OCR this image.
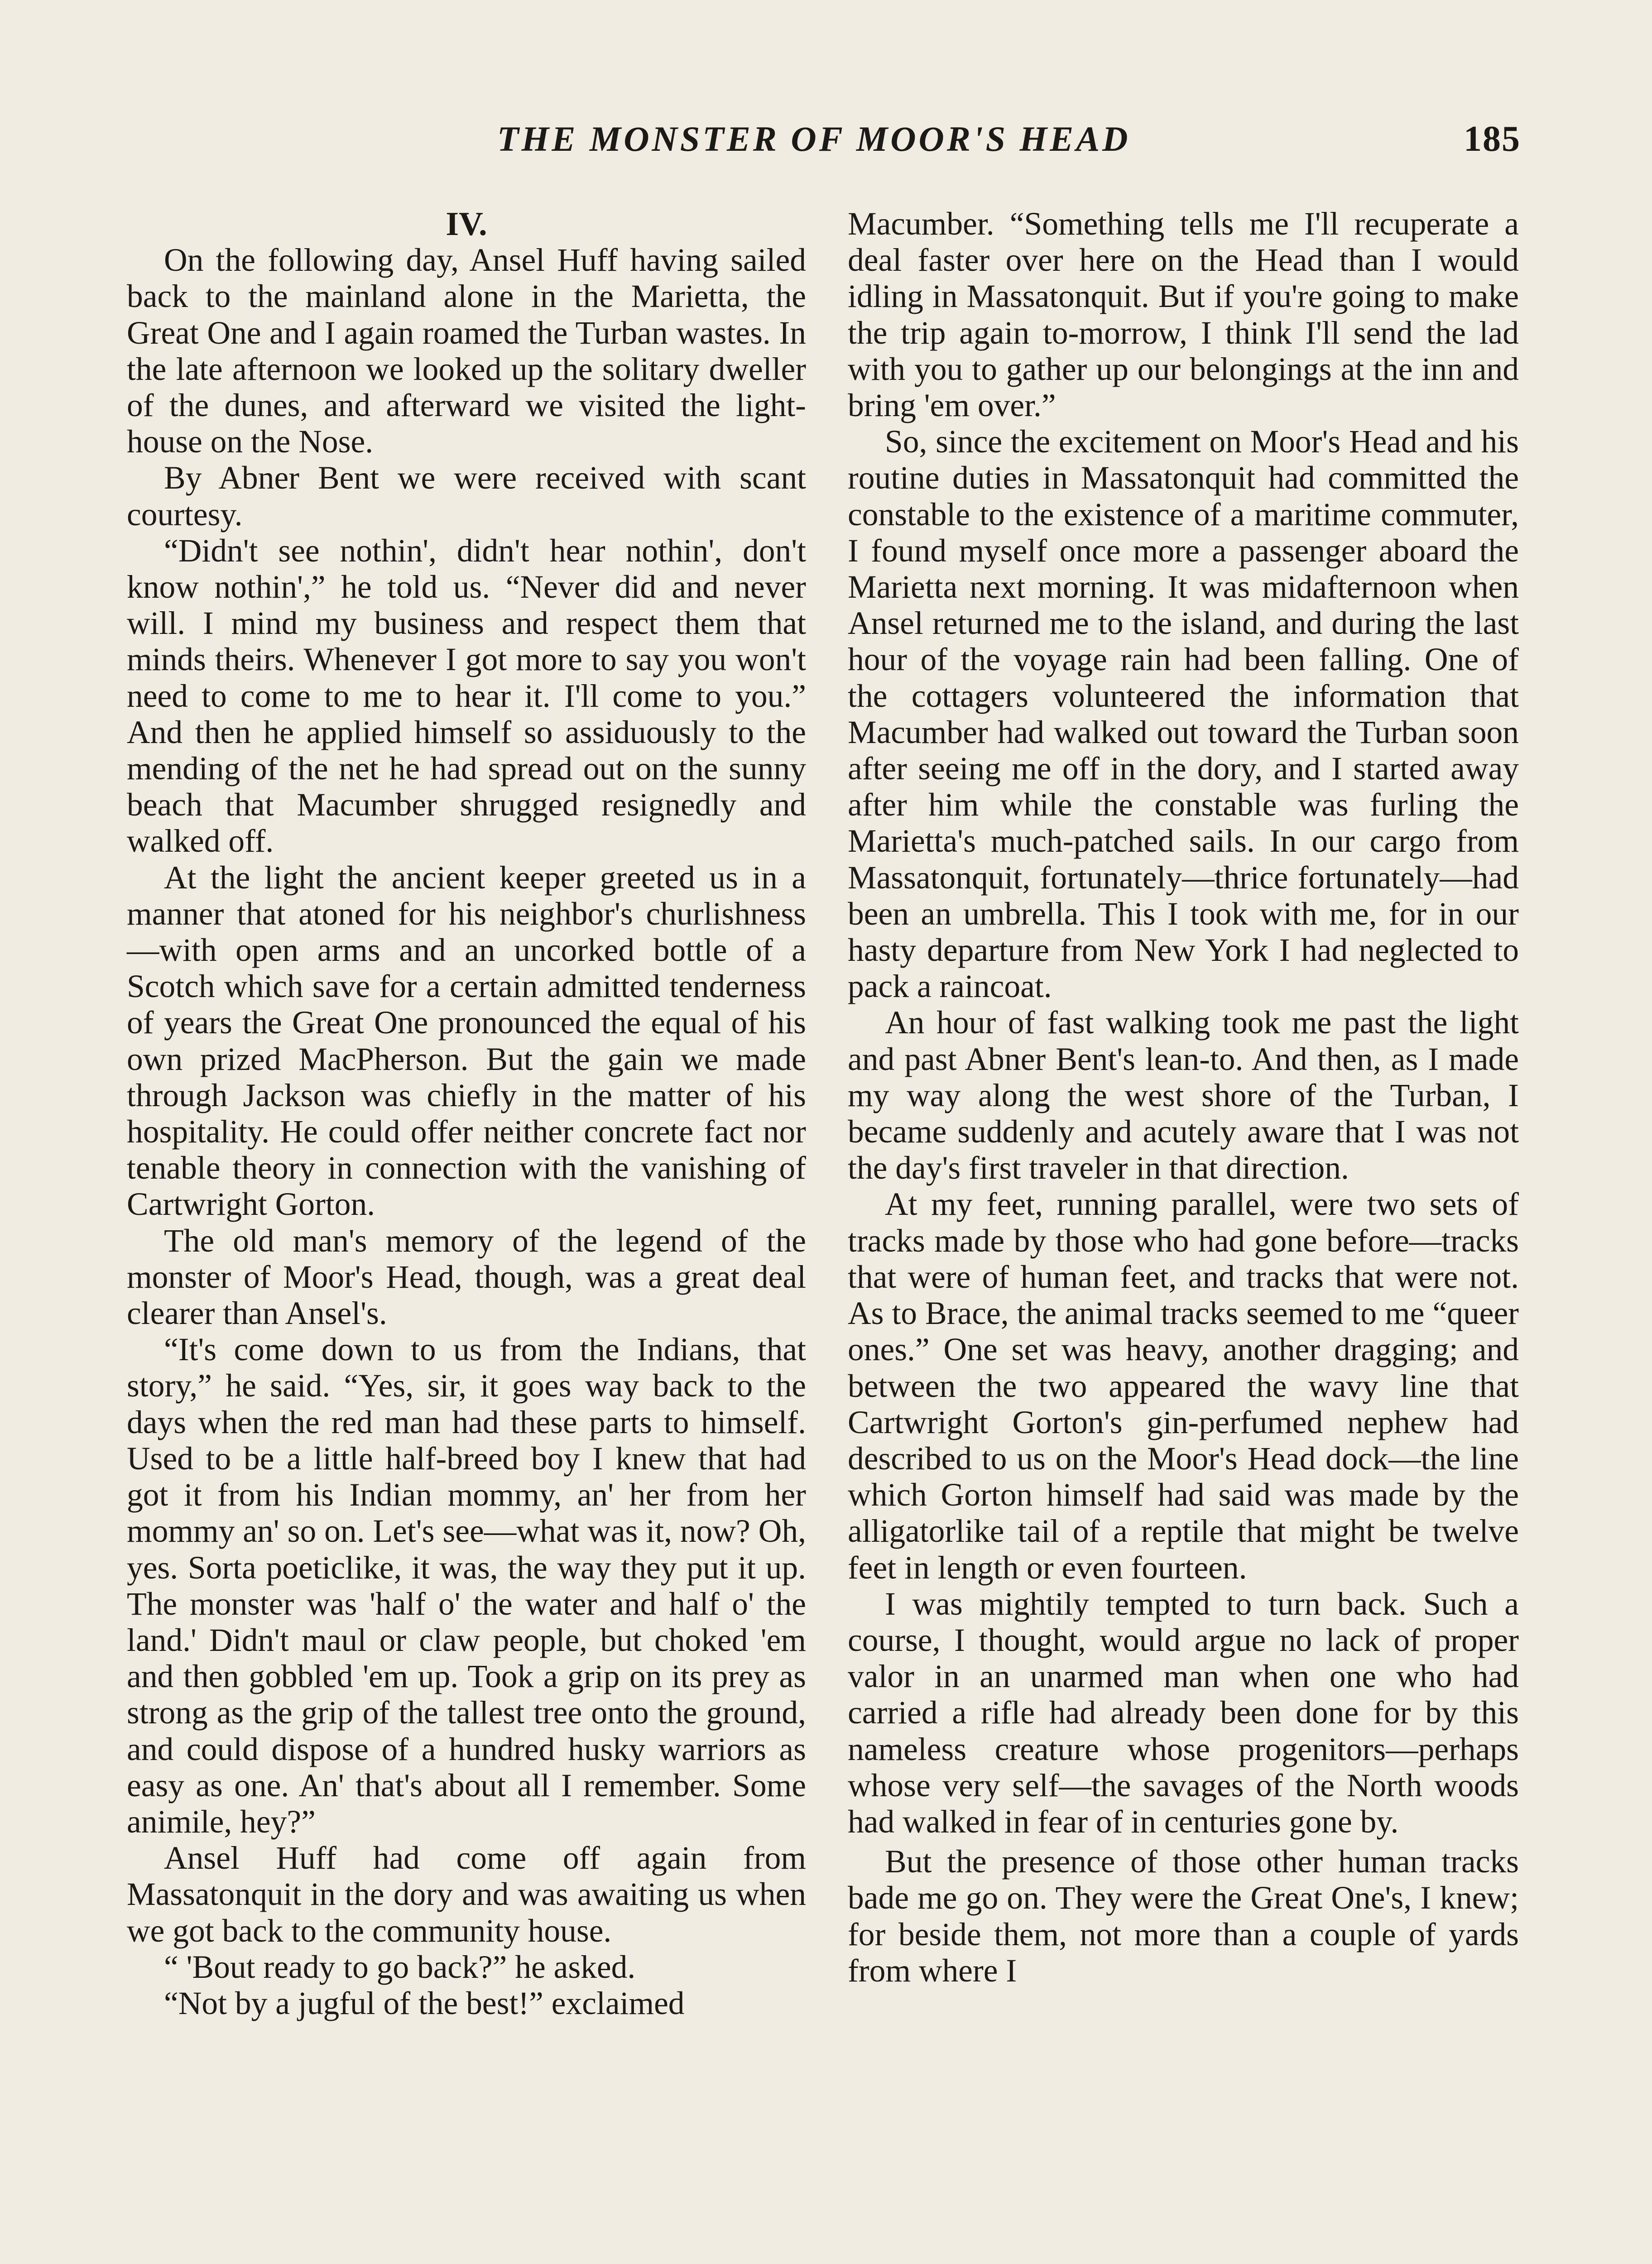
THE MONSTER OF MOOR'S HEAD	185
IV.

On the following day, Ansel Huff having sailed back to the mainland alone in the Marietta, the Great One and I again roamed the Turban wastes. In the late afternoon we looked up the solitary dweller of the dunes, and afterward we visited the light-house on the Nose.

By Abner Bent we were received with scant courtesy.

“Didn't see nothin', didn't hear nothin', don't know nothin',” he told us. “Never did and never will. I mind my business and respect them that minds theirs. Whenever I got more to say you won't need to come to me to hear it. I'll come to you.” And then he applied himself so assiduously to the mending of the net he had spread out on the sunny beach that Macumber shrugged resignedly and walked off.

At the light the ancient keeper greeted us in a manner that atoned for his neighbor's churlishness—with open arms and an uncorked bottle of a Scotch which save for a certain admitted tenderness of years the Great One pronounced the equal of his own prized MacPherson. But the gain we made through Jackson was chiefly in the matter of his hospitality. He could offer neither concrete fact nor tenable theory in connection with the vanishing of Cartwright Gorton.

The old man's memory of the legend of the monster of Moor's Head, though, was a great deal clearer than Ansel's.

“It's come down to us from the Indians, that story,” he said. “Yes, sir, it goes way back to the days when the red man had these parts to himself. Used to be a little half-breed boy I knew that had got it from his Indian mommy, an' her from her mommy an' so on. Let's see—what was it, now? Oh, yes. Sorta poeticlike, it was, the way they put it up. The monster was 'half o' the water and half o' the land.' Didn't maul or claw people, but choked 'em and then gobbled 'em up. Took a grip on its prey as strong as the grip of the tallest tree onto the ground, and could dispose of a hundred husky warriors as easy as one. An' that's about all I remember. Some animile, hey?”

Ansel Huff had come off again from Massatonquit in the dory and was awaiting us when we got back to the community house.

“ 'Bout ready to go back?” he asked.

“Not by a jugful of the best!” exclaimed

Macumber. “Something tells me I'll recuperate a deal faster over here on the Head than I would idling in Massatonquit. But if you're going to make the trip again to-morrow, I think I'll send the lad with you to gather up our belongings at the inn and bring 'em over.”

So, since the excitement on Moor's Head and his routine duties in Massatonquit had committed the constable to the existence of a maritime commuter, I found myself once more a passenger aboard the Marietta next morning. It was midafternoon when Ansel returned me to the island, and during the last hour of the voyage rain had been falling. One of the cottagers volunteered the information that Macumber had walked out toward the Turban soon after seeing me off in the dory, and I started away after him while the constable was furling the Marietta's much-patched sails. In our cargo from Massatonquit, fortunately—thrice fortunately—had been an umbrella. This I took with me, for in our hasty departure from New York I had neglected to pack a raincoat.

An hour of fast walking took me past the light and past Abner Bent's lean-to. And then, as I made my way along the west shore of the Turban, I became suddenly and acutely aware that I was not the day's first traveler in that direction.

At my feet, running parallel, were two sets of tracks made by those who had gone before—tracks that were of human feet, and tracks that were not. As to Brace, the animal tracks seemed to me “queer ones.” One set was heavy, another dragging; and between the two appeared the wavy line that Cartwright Gorton's gin-perfumed nephew had described to us on the Moor's Head dock—the line which Gorton himself had said was made by the alligatorlike tail of a reptile that might be twelve feet in length or even fourteen.

I was mightily tempted to turn back. Such a course, I thought, would argue no lack of proper valor in an unarmed man when one who had carried a rifle had already been done for by this nameless creature whose progenitors—perhaps whose very self—the savages of the North woods had walked in fear of in centuries gone by.

But the presence of those other human tracks bade me go on. They were the Great One's, I knew; for beside them, not more than a couple of yards from where I
